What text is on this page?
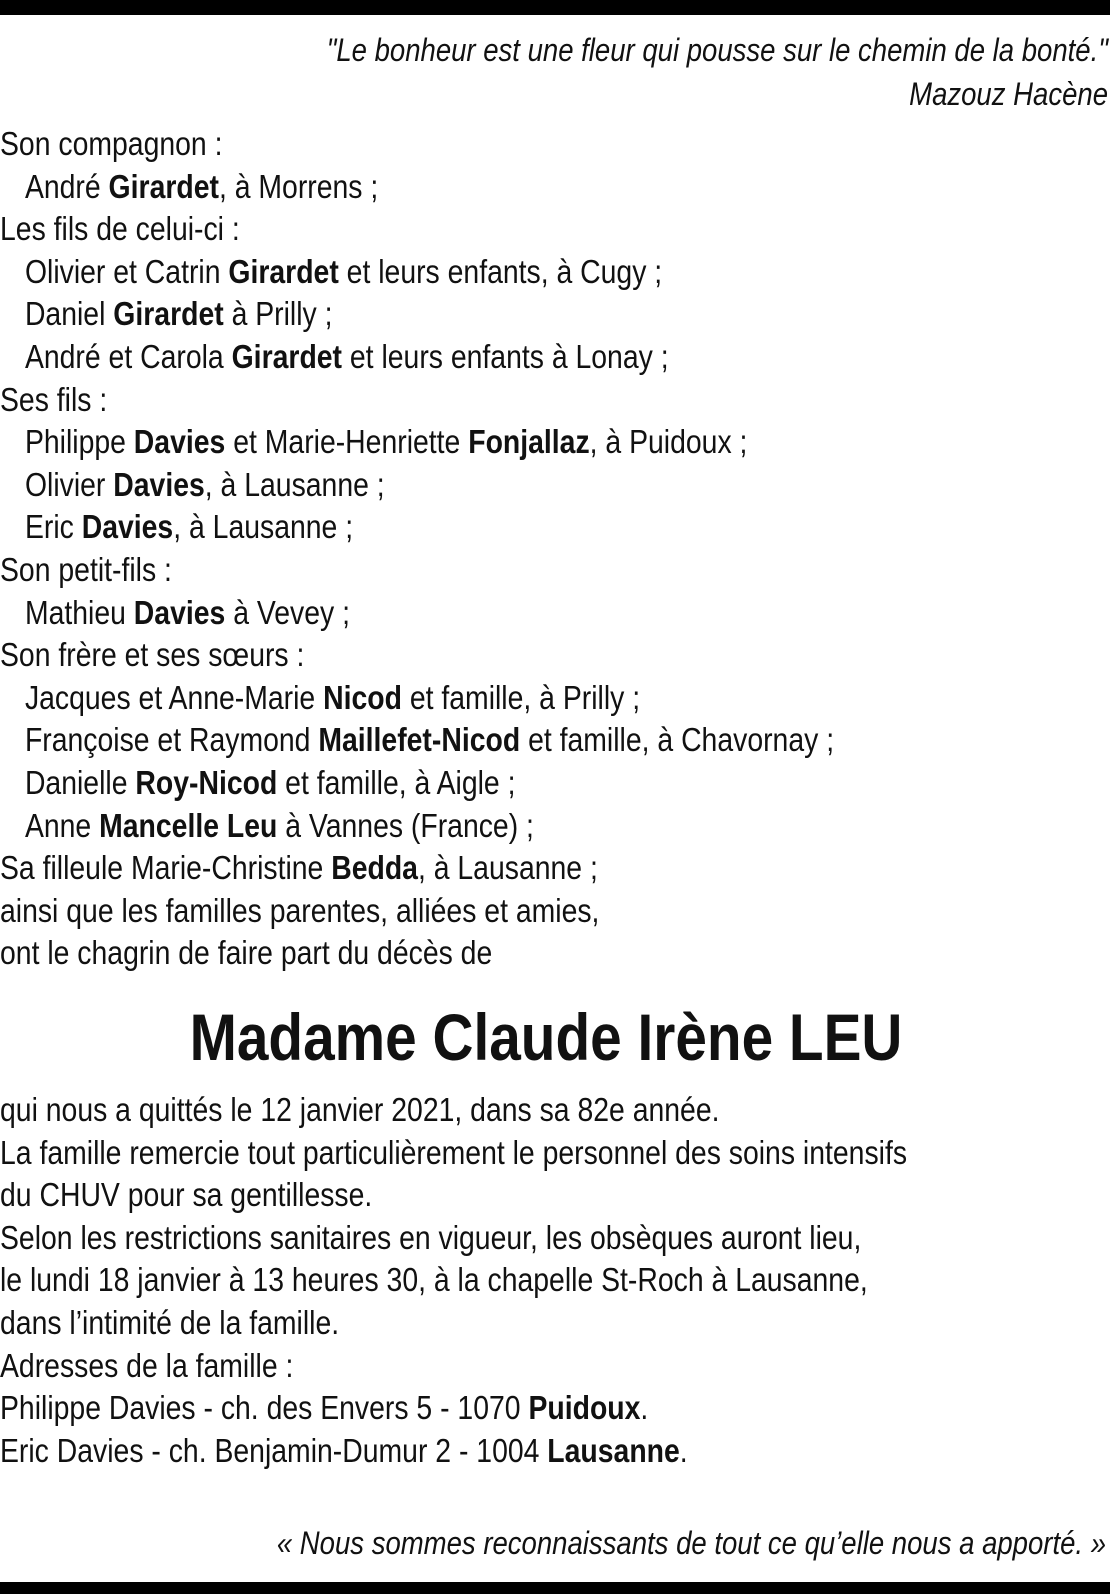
"Le bonheur est une fleur qui pousse sur le chemin de la bonté."
Mazouz Hacène
Son compagnon :
André Girardet, à Morrens ;
Les fils de celui-ci :
Olivier et Catrin Girardet et leurs enfants, à Cugy ;
Daniel Girardet à Prilly ;
André et Carola Girardet et leurs enfants à Lonay ;
Ses fils :
Philippe Davies et Marie-Henriette Fonjallaz, à Puidoux ;
Olivier Davies, à Lausanne ;
Eric Davies, à Lausanne ;
Son petit-fils :
Mathieu Davies à Vevey ;
Son frère et ses sœurs :
Jacques et Anne-Marie Nicod et famille, à Prilly ;
Françoise et Raymond Maillefet-Nicod et famille, à Chavornay ;
Danielle Roy-Nicod et famille, à Aigle ;
Anne Mancelle Leu à Vannes (France) ;
Sa filleule Marie-Christine Bedda, à Lausanne ;
ainsi que les familles parentes, alliées et amies,
ont le chagrin de faire part du décès de
Madame Claude Irène LEU
qui nous a quittés le 12 janvier 2021, dans sa 82e année.
La famille remercie tout particulièrement le personnel des soins intensifs
du CHUV pour sa gentillesse.
Selon les restrictions sanitaires en vigueur, les obsèques auront lieu,
le lundi 18 janvier à 13 heures 30, à la chapelle St-Roch à Lausanne,
dans l’intimité de la famille.
Adresses de la famille :
Philippe Davies - ch. des Envers 5 - 1070 Puidoux.
Eric Davies - ch. Benjamin-Dumur 2 - 1004 Lausanne.
« Nous sommes reconnaissants de tout ce qu’elle nous a apporté. »
